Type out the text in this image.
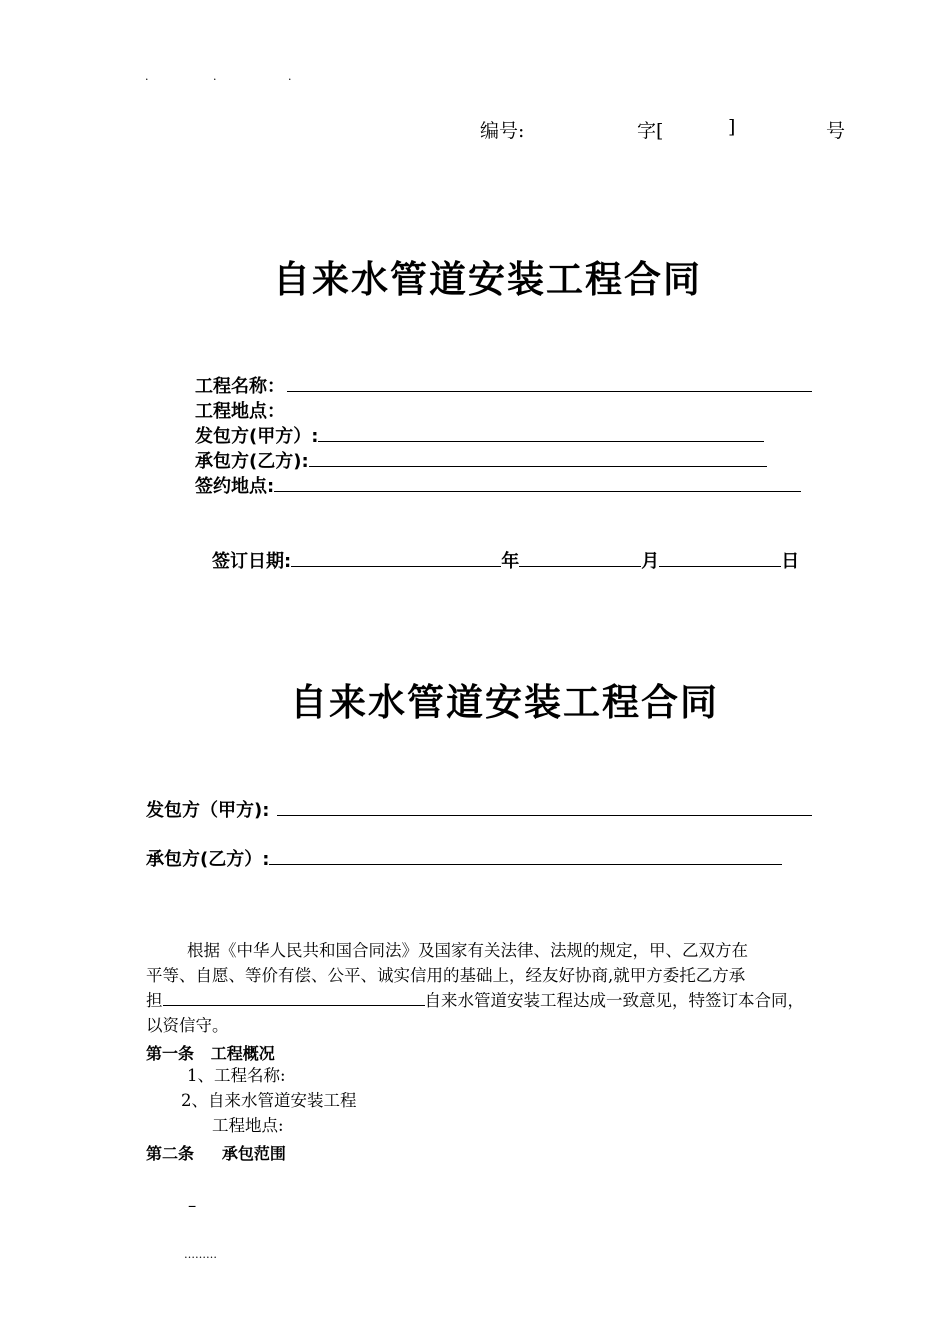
.	.	.
编号:	字[	]	号
自来水管道安装工程合同
工程名称：
工程地点：
发包方(甲方）:
承包方(乙方):
签约地点:
签订日期:	年	月	日
自来水管道安装工程合同
发包方（甲方):
承包方(乙方）:
根据《中华人民共和国合同法》及国家有关法律、法规的规定，甲、乙双方在
平等、自愿、等价有偿、公平、诚实信用的基础上，经友好协商,就甲方委托乙方承
担	自来水管道安装工程达成一致意见，特签订本合同，
以资信守。
第一条   工程概况
1、工程名称:
2、自来水管道安装工程
工程地点:
第二条     承包范围
–
………
